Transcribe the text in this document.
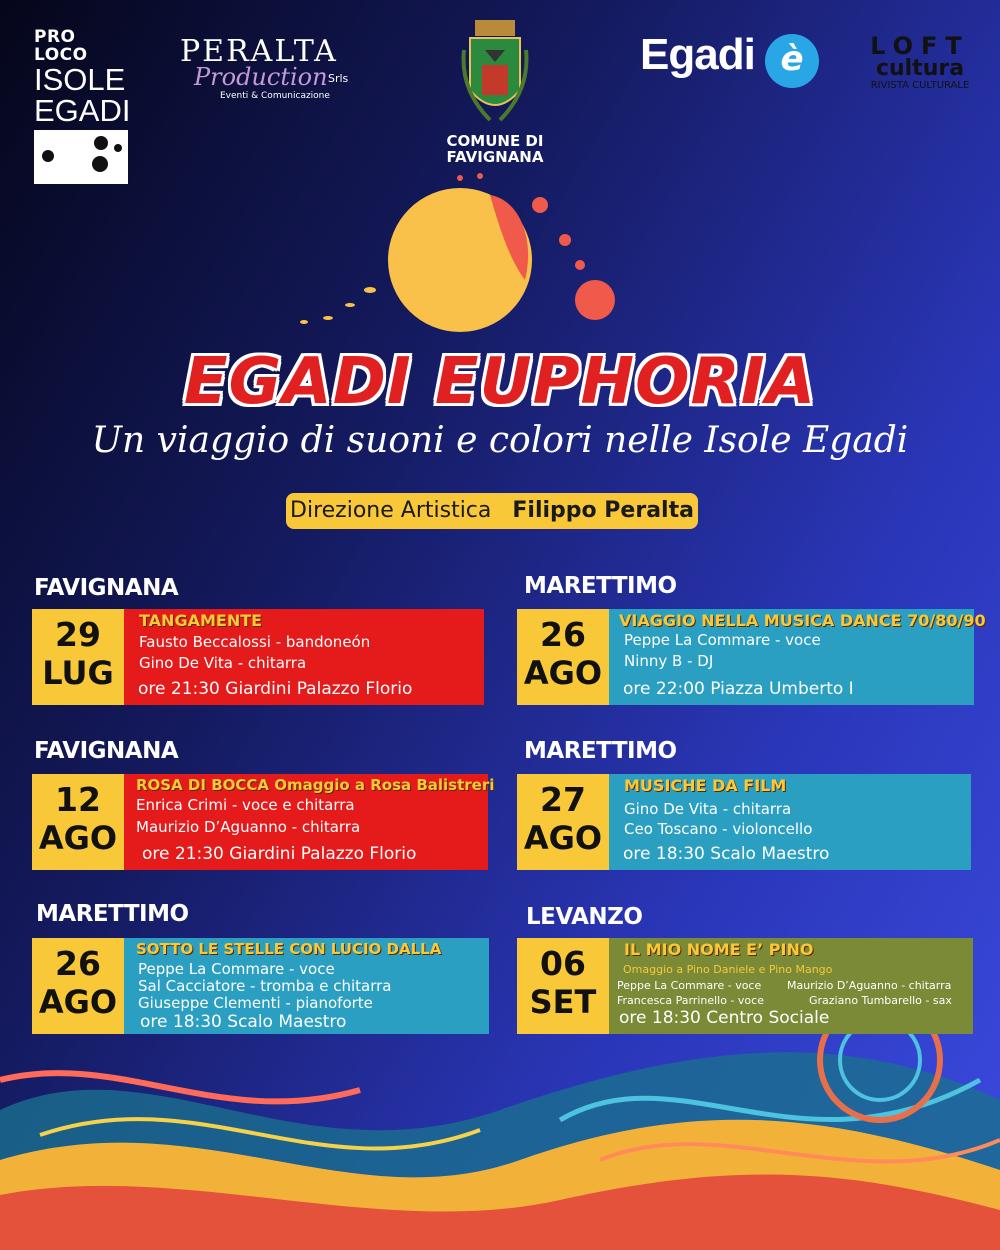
PRO LOCO
ISOLE
EGADI
PERALTA
Production
Eventi & Comunicazione
Srls
COMUNE DI FAVIGNANA
Egadi è	LOFT
cultura
RIVISTA CULTURALE
EGADI EUPHORIA
Un viaggio di suoni e colori nelle Isole Egadi
Direzione Artistica Filippo Peralta
FAVIGNANA
29
LUG
TANGAMENTE
Fausto Beccalossi - bandoneón
Gino De Vita - chitarra
ore 21:30 Giardini Palazzo Florio
MARETTIMO
26
AGO
VIAGGIO NELLA MUSICA DANCE 70/80/90
Peppe La Commare - voce
Ninny B - DJ
ore 22:00 Piazza Umberto I
FAVIGNANA
12
AGO
ROSA DI BOCCA Omaggio a Rosa Balistreri
Enrica Crimi - voce e chitarra
Maurizio D’Aguanno - chitarra
ore 21:30 Giardini Palazzo Florio
MARETTIMO
27
AGO
MUSICHE DA FILM
Gino De Vita - chitarra
Ceo Toscano - violoncello
ore 18:30 Scalo Maestro
MARETTIMO
26
AGO
SOTTO LE STELLE CON LUCIO DALLA
Peppe La Commare - voce
Sal Cacciatore - tromba e chitarra
Giuseppe Clementi - pianoforte
ore 18:30 Scalo Maestro
LEVANZO
06
SET
IL MIO NOME E’ PINO
Omaggio a Pino Daniele e Pino Mango
Peppe La Commare - voce
Francesca Parrinello - voce
Maurizio D’Aguanno - chitarra
Graziano Tumbarello - sax
ore 18:30 Centro Sociale
